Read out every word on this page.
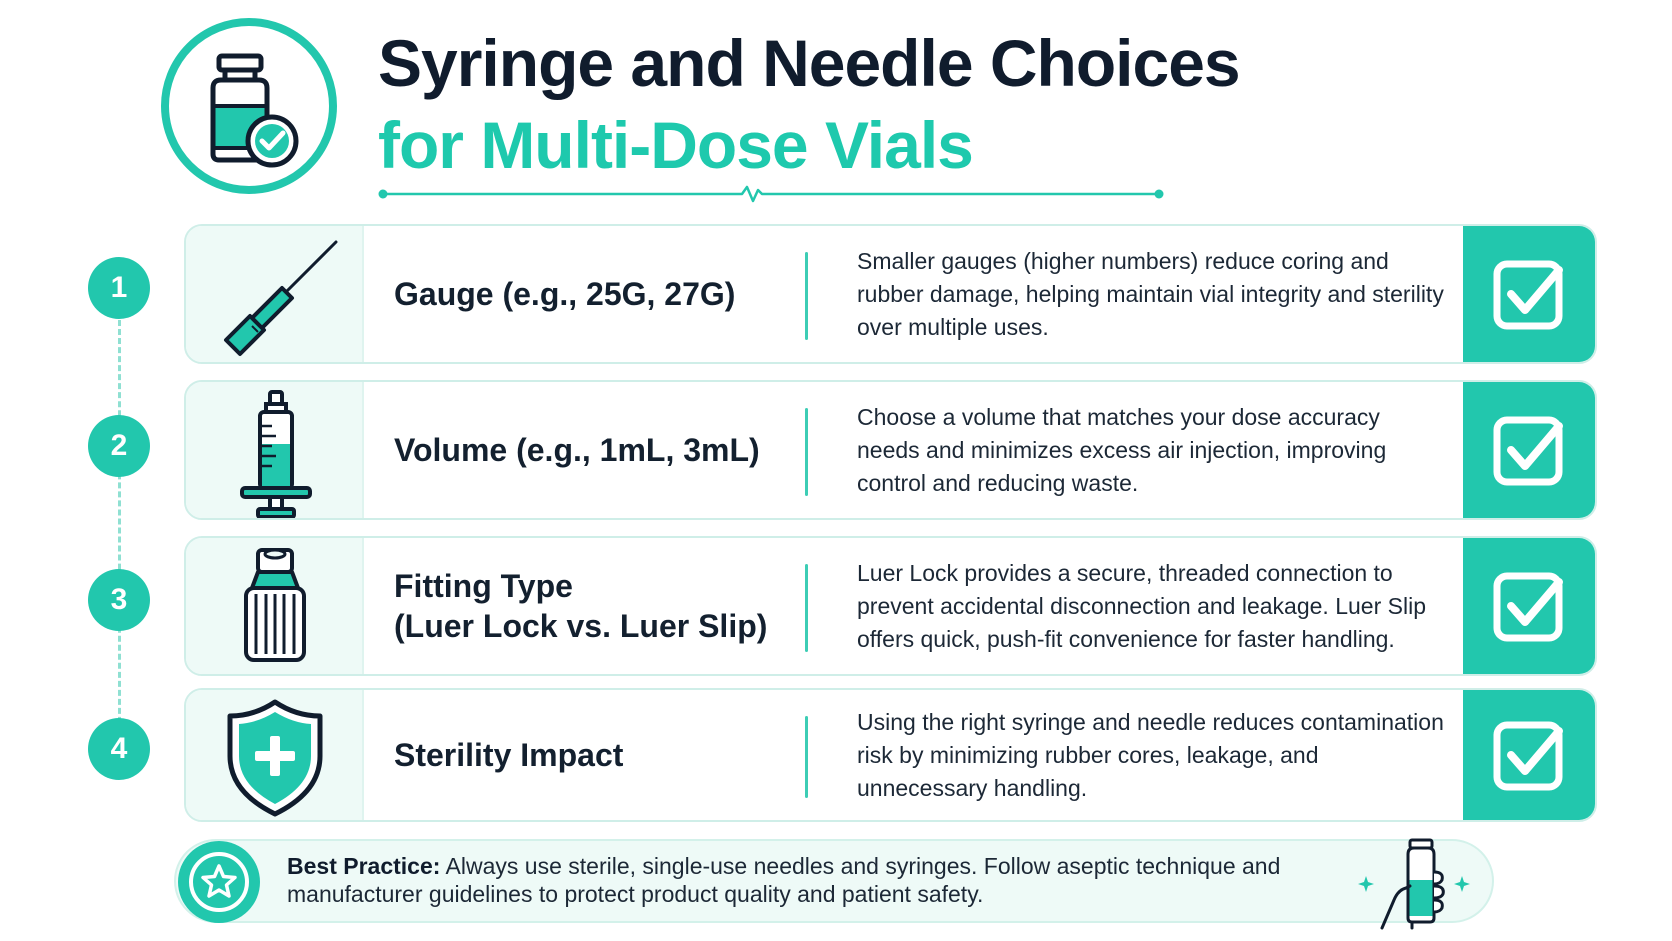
Syringe and Needle Choices
for Multi-Dose Vials
1
2
3
4
Gauge (e.g., 25G, 27G)
Smaller gauges (higher numbers) reduce coring and rubber damage, helping maintain vial integrity and sterility over multiple uses.
Volume (e.g., 1mL, 3mL)
Choose a volume that matches your dose accuracy needs and minimizes excess air injection, improving control and reducing waste.
Fitting Type
(Luer Lock vs. Luer Slip)
Luer Lock provides a secure, threaded connection to prevent accidental disconnection and leakage. Luer Slip offers quick, push-fit convenience for faster handling.
Sterility Impact
Using the right syringe and needle reduces contamination risk by minimizing rubber cores, leakage, and unnecessary handling.
Best Practice: Always use sterile, single-use needles and syringes. Follow aseptic technique and manufacturer guidelines to protect product quality and patient safety.
